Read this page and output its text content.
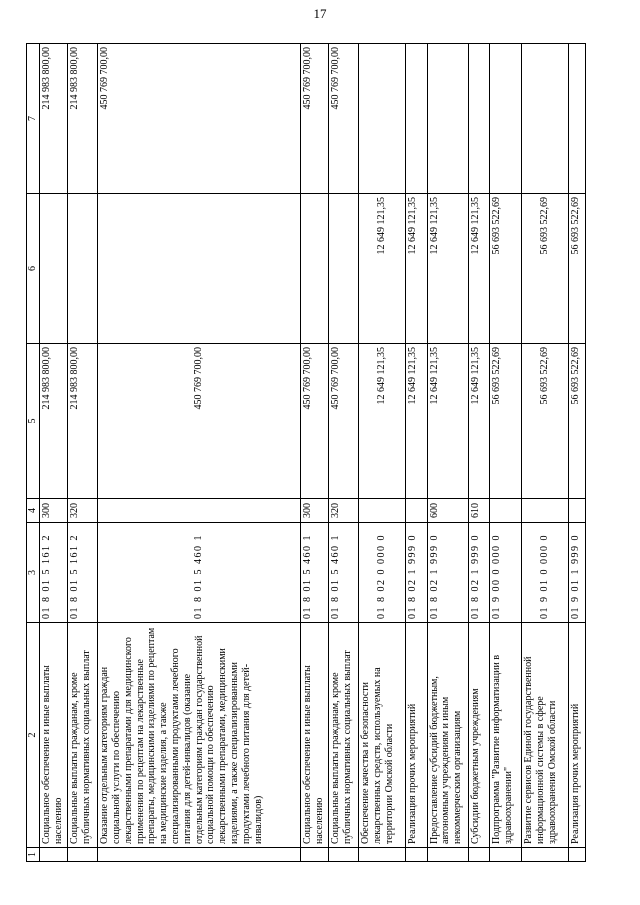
17
1	2	3	4	5	6	7
	Социальное обеспечение и иные выплаты населению	01 8 01 5 161 2	300	214 983 800,00		214 983 800,00
	Социальные выплаты гражданам, кроме публичных нормативных социальных выплат	01 8 01 5 161 2	320	214 983 800,00		214 983 800,00
	Оказание отдельным категориям граждан социальной услуги по обеспечению лекарственными препаратами для медицинского применения по рецептам на лекарственные препараты, медицинскими изделиями по рецептам на медицинские изделия, а также специализированными продуктами лечебного питания для детей-инвалидов (оказание отдельным категориям граждан государственной социальной помощи по обеспечению лекарственными препаратами, медицинскими изделиями, а также специализированными продуктами лечебного питания для детей-инвалидов)	01 8 01 5 460 1		450 769 700,00		450 769 700,00
	Социальное обеспечение и иные выплаты населению	01 8 01 5 460 1	300	450 769 700,00		450 769 700,00
	Социальные выплаты гражданам, кроме публичных нормативных социальных выплат	01 8 01 5 460 1	320	450 769 700,00		450 769 700,00
	Обеспечение качества и безопасности лекарственных средств, используемых на территории Омской области	01 8 02 0 000 0		12 649 121,35	12 649 121,35	
	Реализация прочих мероприятий	01 8 02 1 999 0		12 649 121,35	12 649 121,35	
	Предоставление субсидий бюджетным, автономным учреждениям и иным некоммерческим организациям	01 8 02 1 999 0	600	12 649 121,35	12 649 121,35	
	Субсидии бюджетным учреждениям	01 8 02 1 999 0	610	12 649 121,35	12 649 121,35	
	Подпрограмма "Развитие информатизации в здравоохранении"	01 9 00 0 000 0		56 693 522,69	56 693 522,69	
	Развитие сервисов Единой государственной информационной системы в сфере здравоохранения Омской области	01 9 01 0 000 0		56 693 522,69	56 693 522,69	
	Реализация прочих мероприятий	01 9 01 1 999 0		56 693 522,69	56 693 522,69	
